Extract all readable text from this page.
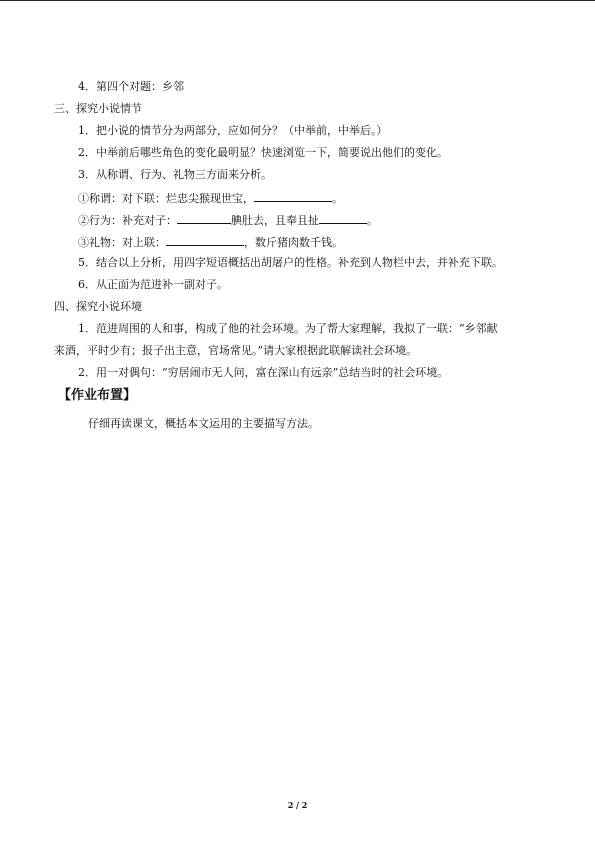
4．第四个对题：乡邻
三、探究小说情节
1．把小说的情节分为两部分，应如何分？（中举前，中举后。）
2．中举前后哪些角色的变化最明显？快速浏览一下，简要说出他们的变化。
3．从称谓、行为、礼物三方面来分析。
①称谓：对下联：烂忠尖猴现世宝，	。
②行为：补充对子：	腆肚去，且奉且扯	。
③礼物：对上联：	，数斤猪肉数千钱。
5．结合以上分析，用四字短语概括出胡屠户的性格。补充到人物栏中去，并补充下联。
6．从正面为范进补一副对子。
四、探究小说环境
1．范进周围的人和事，构成了他的社会环境。为了帮大家理解，我拟了一联：“乡邻献
来酒，平时少有；报子出主意，官场常见。”请大家根据此联解读社会环境。
2．用一对偶句：“穷居闹市无人问，富在深山有远亲”总结当时的社会环境。
【作业布置】
仔细再读课文，概括本文运用的主要描写方法。
2 / 2
